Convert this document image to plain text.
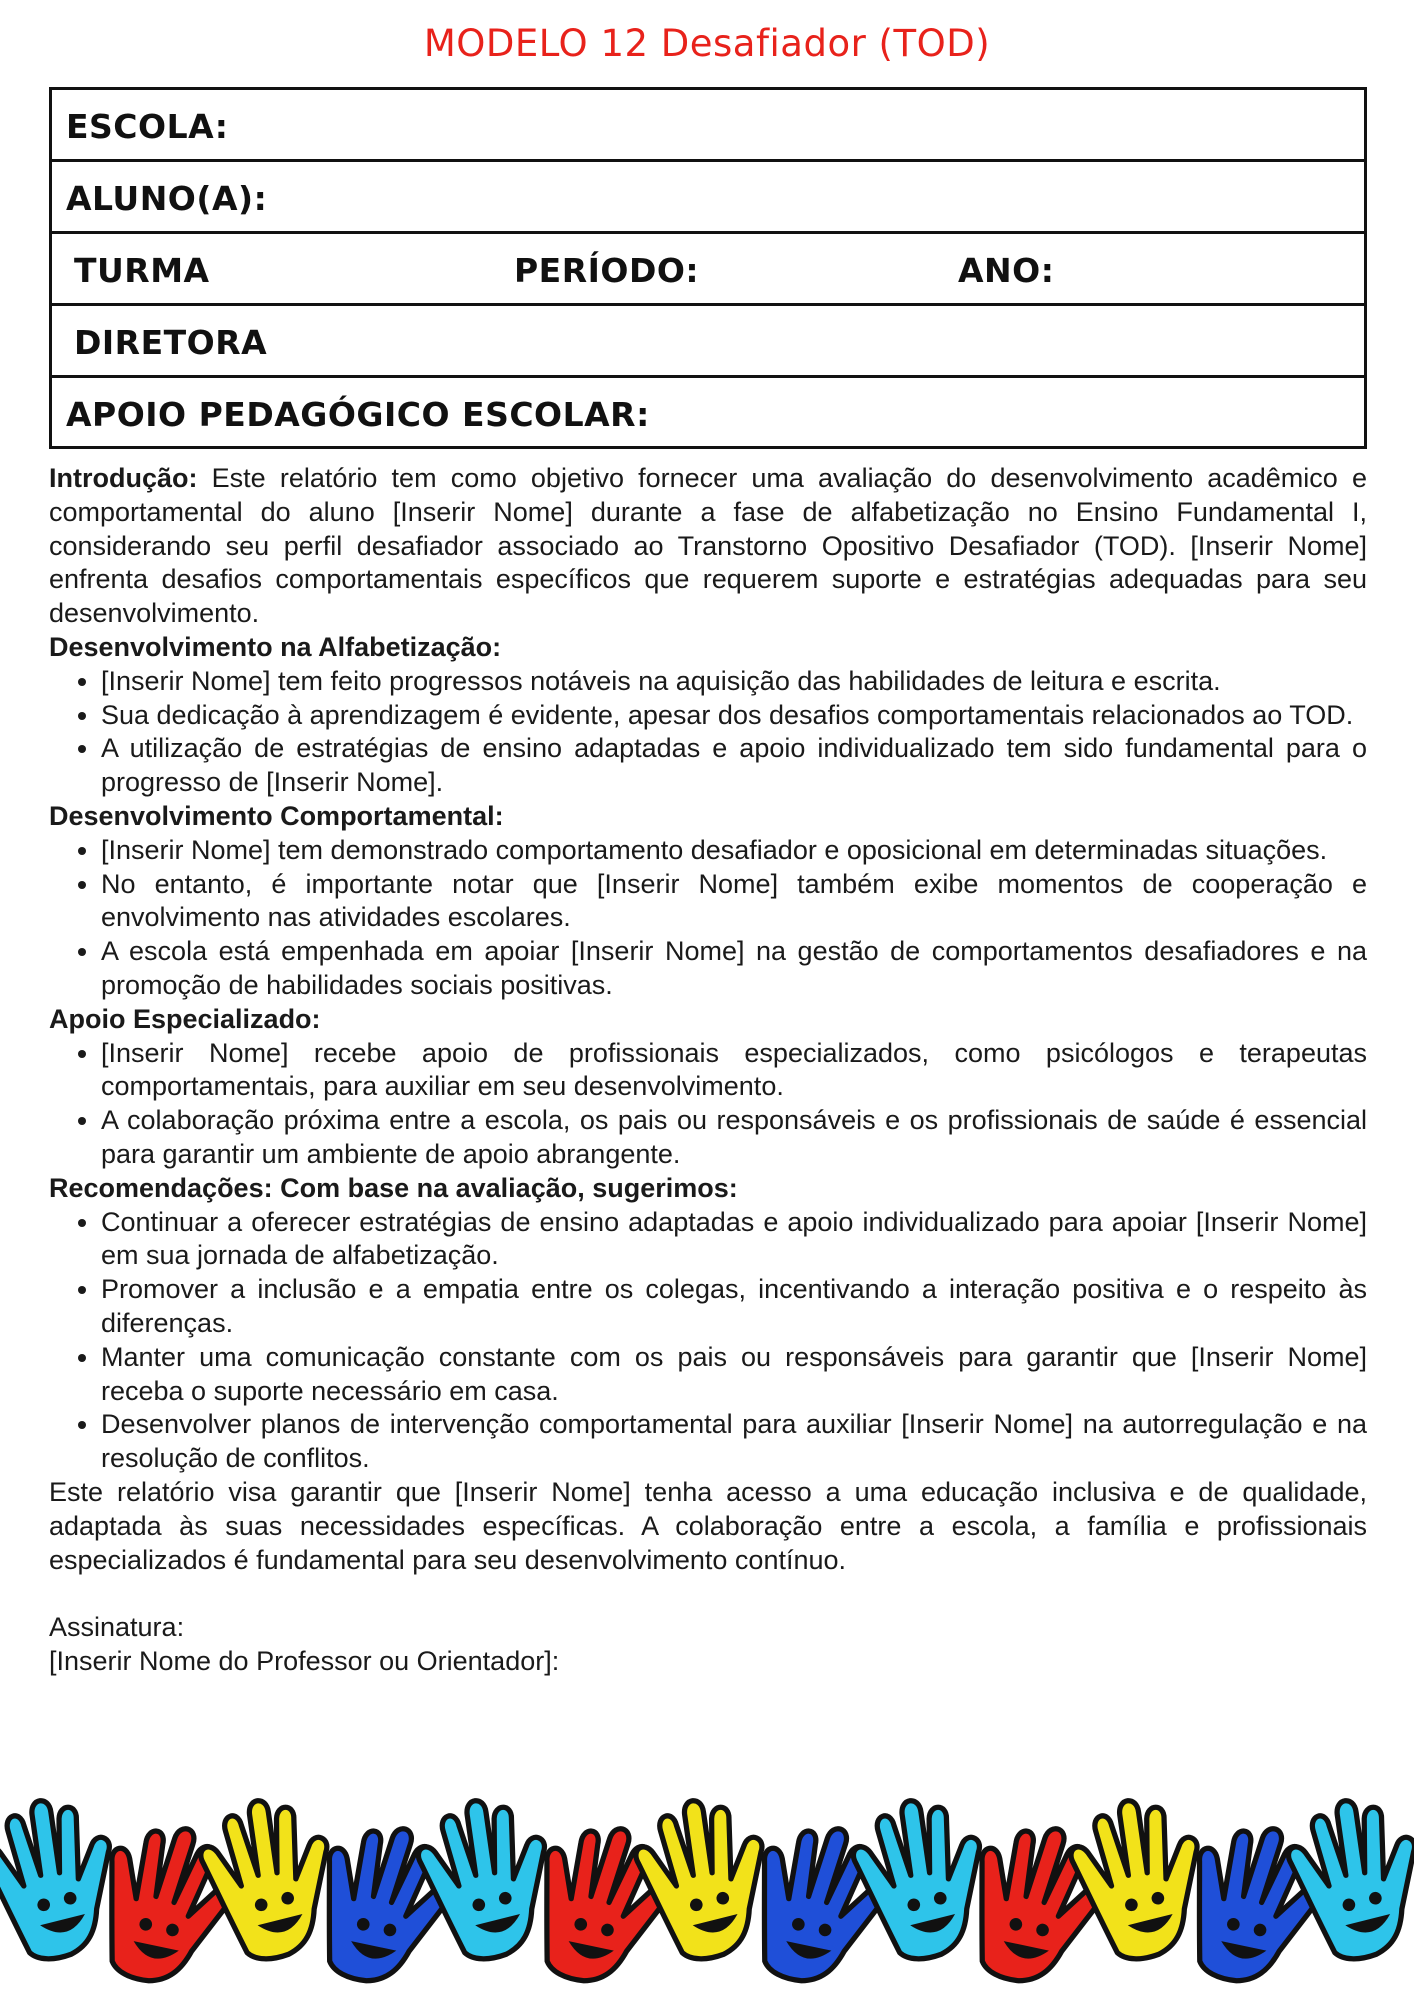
MODELO 12 Desafiador (TOD)
ESCOLA:
ALUNO(A):
TURMA	PERÍODO:	ANO:
DIRETORA
APOIO PEDAGÓGICO ESCOLAR:

Introdução: Este relatório tem como objetivo fornecer uma avaliação do desenvolvimento acadêmico e comportamental do aluno [Inserir Nome] durante a fase de alfabetização no Ensino Fundamental I, considerando seu perfil desafiador associado ao Transtorno Opositivo Desafiador (TOD). [Inserir Nome] enfrenta desafios comportamentais específicos que requerem suporte e estratégias adequadas para seu desenvolvimento.

Desenvolvimento na Alfabetização:

• [Inserir Nome] tem feito progressos notáveis na aquisição das habilidades de leitura e escrita.
• Sua dedicação à aprendizagem é evidente, apesar dos desafios comportamentais relacionados ao TOD.
• A utilização de estratégias de ensino adaptadas e apoio individualizado tem sido fundamental para o progresso de [Inserir Nome].

Desenvolvimento Comportamental:

• [Inserir Nome] tem demonstrado comportamento desafiador e oposicional em determinadas situações.
• No entanto, é importante notar que [Inserir Nome] também exibe momentos de cooperação e envolvimento nas atividades escolares.
• A escola está empenhada em apoiar [Inserir Nome] na gestão de comportamentos desafiadores e na promoção de habilidades sociais positivas.

Apoio Especializado:

• [Inserir Nome] recebe apoio de profissionais especializados, como psicólogos e terapeutas comportamentais, para auxiliar em seu desenvolvimento.
• A colaboração próxima entre a escola, os pais ou responsáveis e os profissionais de saúde é essencial para garantir um ambiente de apoio abrangente.

Recomendações: Com base na avaliação, sugerimos:

• Continuar a oferecer estratégias de ensino adaptadas e apoio individualizado para apoiar [Inserir Nome] em sua jornada de alfabetização.
• Promover a inclusão e a empatia entre os colegas, incentivando a interação positiva e o respeito às diferenças.
• Manter uma comunicação constante com os pais ou responsáveis para garantir que [Inserir Nome] receba o suporte necessário em casa.
• Desenvolver planos de intervenção comportamental para auxiliar [Inserir Nome] na autorregulação e na resolução de conflitos.

Este relatório visa garantir que [Inserir Nome] tenha acesso a uma educação inclusiva e de qualidade, adaptada às suas necessidades específicas. A colaboração entre a escola, a família e profissionais especializados é fundamental para seu desenvolvimento contínuo.

Assinatura:

[Inserir Nome do Professor ou Orientador]:
